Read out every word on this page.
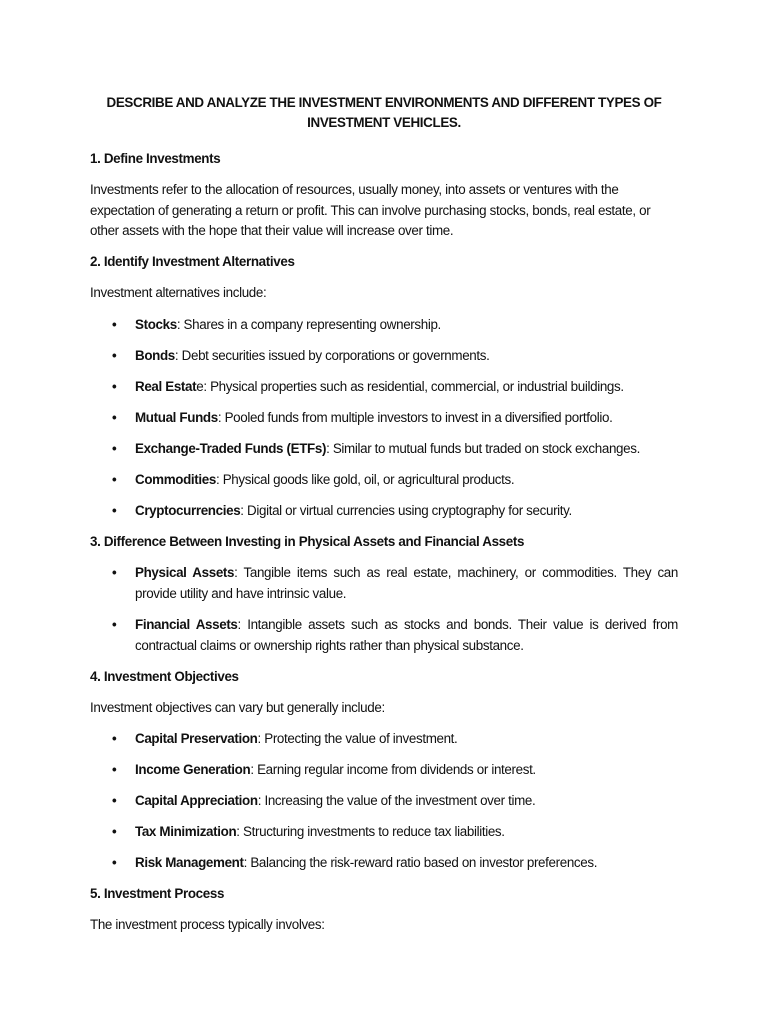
DESCRIBE AND ANALYZE THE INVESTMENT ENVIRONMENTS AND DIFFERENT TYPES OF
INVESTMENT VEHICLES.
1. Define Investments
Investments refer to the allocation of resources, usually money, into assets or ventures with the expectation of generating a return or profit. This can involve purchasing stocks, bonds, real estate, or other assets with the hope that their value will increase over time.
2. Identify Investment Alternatives
Investment alternatives include:
• Stocks: Shares in a company representing ownership.
• Bonds: Debt securities issued by corporations or governments.
• Real Estate: Physical properties such as residential, commercial, or industrial buildings.
• Mutual Funds: Pooled funds from multiple investors to invest in a diversified portfolio.
• Exchange-Traded Funds (ETFs): Similar to mutual funds but traded on stock exchanges.
• Commodities: Physical goods like gold, oil, or agricultural products.
• Cryptocurrencies: Digital or virtual currencies using cryptography for security.
3. Difference Between Investing in Physical Assets and Financial Assets
• Physical Assets: Tangible items such as real estate, machinery, or commodities. They can provide utility and have intrinsic value.
• Financial Assets: Intangible assets such as stocks and bonds. Their value is derived from contractual claims or ownership rights rather than physical substance.
4. Investment Objectives
Investment objectives can vary but generally include:
• Capital Preservation: Protecting the value of investment.
• Income Generation: Earning regular income from dividends or interest.
• Capital Appreciation: Increasing the value of the investment over time.
• Tax Minimization: Structuring investments to reduce tax liabilities.
• Risk Management: Balancing the risk-reward ratio based on investor preferences.
5. Investment Process
The investment process typically involves:
